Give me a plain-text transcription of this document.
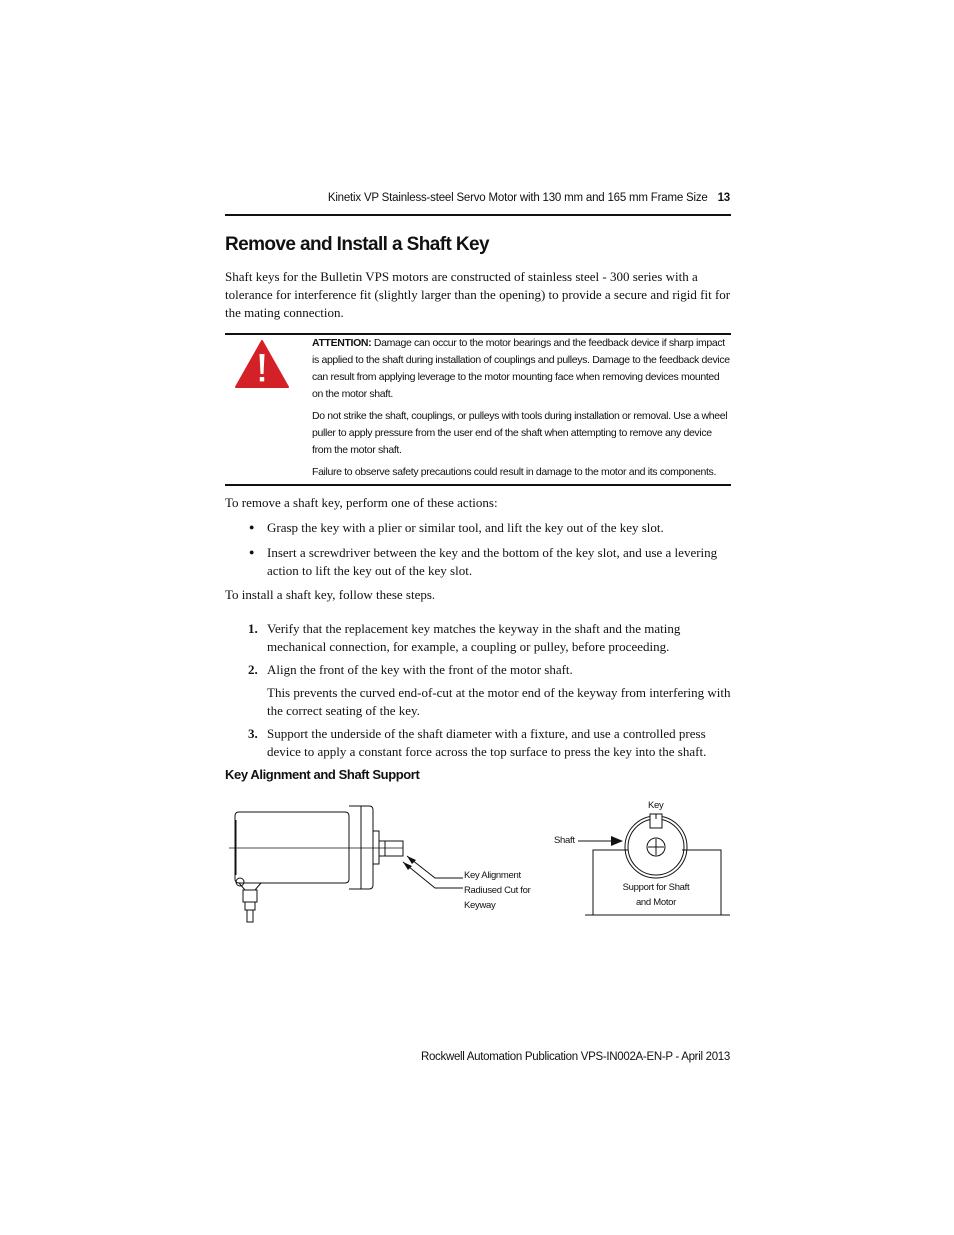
Kinetix VP Stainless-steel Servo Motor with 130 mm and 165 mm Frame Size 13
Remove and Install a Shaft Key

Shaft keys for the Bulletin VPS motors are constructed of stainless steel - 300 series with a tolerance for interference fit (slightly larger than the opening) to provide a secure and rigid fit for the mating connection.

ATTENTION: Damage can occur to the motor bearings and the feedback device if sharp impact is applied to the shaft during installation of couplings and pulleys. Damage to the feedback device can result from applying leverage to the motor mounting face when removing devices mounted on the motor shaft.

Do not strike the shaft, couplings, or pulleys with tools during installation or removal. Use a wheel puller to apply pressure from the user end of the shaft when attempting to remove any device from the motor shaft.

Failure to observe safety precautions could result in damage to the motor and its components.

To remove a shaft key, perform one of these actions:

● Grasp the key with a plier or similar tool, and lift the key out of the key slot.

● Insert a screwdriver between the key and the bottom of the key slot, and use a levering action to lift the key out of the key slot.

To install a shaft key, follow these steps.

1. Verify that the replacement key matches the keyway in the shaft and the mating mechanical connection, for example, a coupling or pulley, before proceeding.

2. Align the front of the key with the front of the motor shaft.

This prevents the curved end-of-cut at the motor end of the keyway from interfering with the correct seating of the key.

3. Support the underside of the shaft diameter with a fixture, and use a controlled press device to apply a constant force across the top surface to press the key into the shaft.

Key Alignment and Shaft Support
Key Alignment
Radiused Cut for
Keyway
Key
Shaft
Support for Shaft
and Motor
Rockwell Automation Publication VPS-IN002A-EN-P - April 2013
